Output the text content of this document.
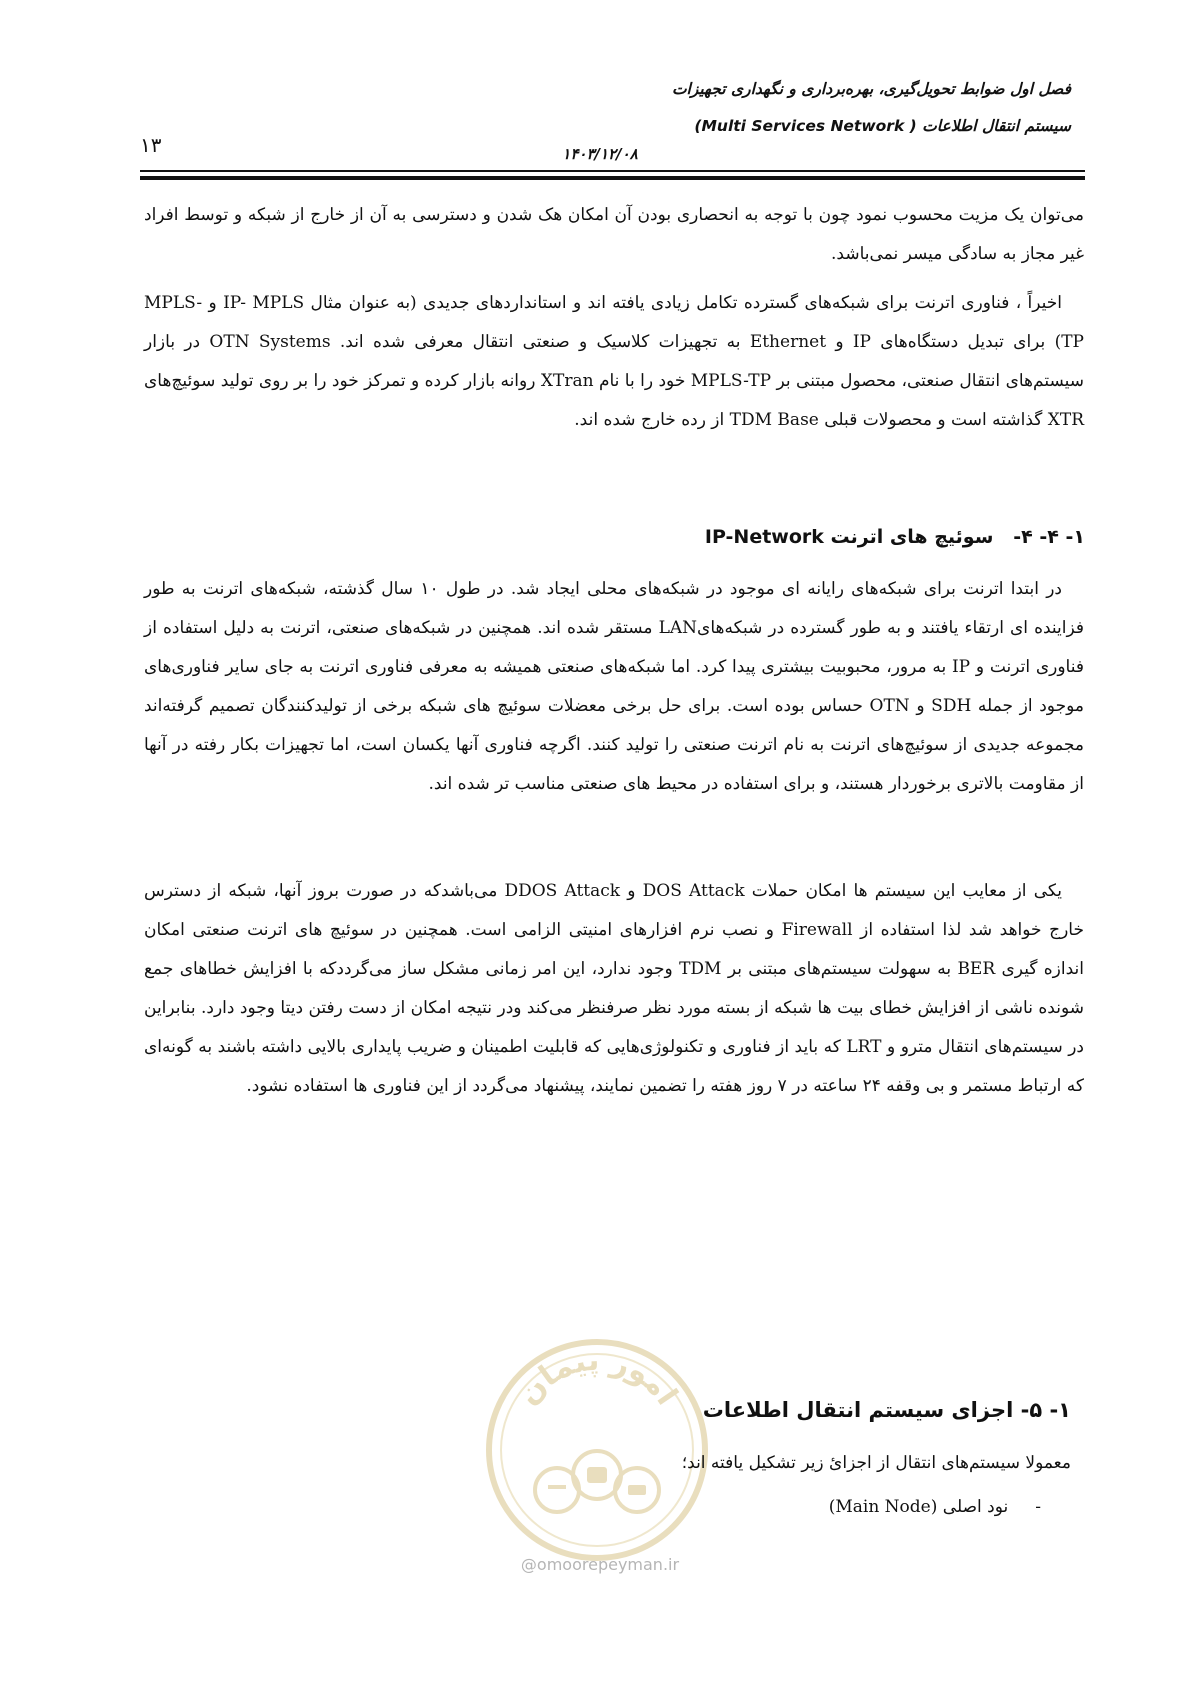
فصل اول ضوابط تحویل‌گیری، بهره‌برداری و نگهداری تجهیزات
سیستم انتقال اطلاعات ( Multi Services Network)
۱۳	۱۴۰۳/۱۲/۰۸

می‌توان یک مزیت محسوب نمود چون با توجه به انحصاری بودن آن امکان هک شدن و دسترسی به آن از خارج از شبکه و توسط افراد غیر مجاز به سادگی میسر نمی‌باشد.

اخیراً ، فناوری اترنت برای شبکه‌های گسترده تکامل زیادی یافته اند و استانداردهای جدیدی (به عنوان مثال IP- MPLS و MPLS-TP) برای تبدیل دستگاه‌های IP و Ethernet به تجهیزات کلاسیک و صنعتی انتقال معرفی شده اند. OTN Systems در بازار سیستم‌های انتقال صنعتی، محصول مبتنی بر MPLS-TP خود را با نام XTran روانه بازار کرده و تمرکز خود را بر روی تولید سوئیچ‌های XTR گذاشته است و محصولات قبلی TDM Base از رده خارج شده اند.

۱- ۴- ۴-   سوئیچ های اترنت IP-Network

در ابتدا اترنت برای شبکه‌های رایانه ای موجود در شبکه‌های محلی ایجاد شد. در طول ۱۰ سال گذشته، شبکه‌های اترنت به طور فزاینده ای ارتقاء یافتند و به طور گسترده در شبکه‌هایLAN مستقر شده اند. همچنین در شبکه‌های صنعتی، اترنت به دلیل استفاده از فناوری اترنت و IP به مرور، محبوبیت بیشتری پیدا کرد. اما شبکه‌های صنعتی همیشه به معرفی فناوری اترنت به جای سایر فناوری‌های موجود از جمله SDH و OTN حساس بوده است. برای حل برخی معضلات سوئیچ های شبکه برخی از تولیدکنندگان تصمیم گرفته‌اند مجموعه جدیدی از سوئیچ‌های اترنت به نام اترنت صنعتی را تولید کنند. اگرچه فناوری آنها یکسان است، اما تجهیزات بکار رفته در آنها از مقاومت بالاتری برخوردار هستند، و برای استفاده در محیط های صنعتی مناسب تر شده اند.

یکی از معایب این سیستم ها امکان حملات DOS Attack و DDOS Attack می‌باشدکه در صورت بروز آنها، شبکه از دسترس خارج خواهد شد لذا استفاده از Firewall و نصب نرم افزارهای امنیتی الزامی است. همچنین در سوئیچ های اترنت صنعتی امکان اندازه گیری BER به سهولت سیستم‌های مبتنی بر TDM وجود ندارد، این امر زمانی مشکل ساز می‌گرددکه با افزایش خطاهای جمع شونده ناشی از افزایش خطای بیت ها شبکه از بسته مورد نظر صرفنظر می‌کند ودر نتیجه امکان از دست رفتن دیتا وجود دارد. بنابراین در سیستم‌های انتقال مترو و LRT که باید از فناوری و تکنولوژی‌هایی که قابلیت اطمینان و ضریب پایداری بالایی داشته باشند به گونه‌ای که ارتباط مستمر و بی وقفه ۲۴ ساعته در ۷ روز هفته را تضمین نمایند، پیشنهاد می‌گردد از این فناوری ها استفاده نشود.

امور پیمان
@omoorepeyman.ir
۱- ۵- اجزای سیستم انتقال اطلاعات
معمولا سیستم‌های انتقال از اجزائ زیر تشکیل یافته اند؛
-     نود اصلی (Main Node)
